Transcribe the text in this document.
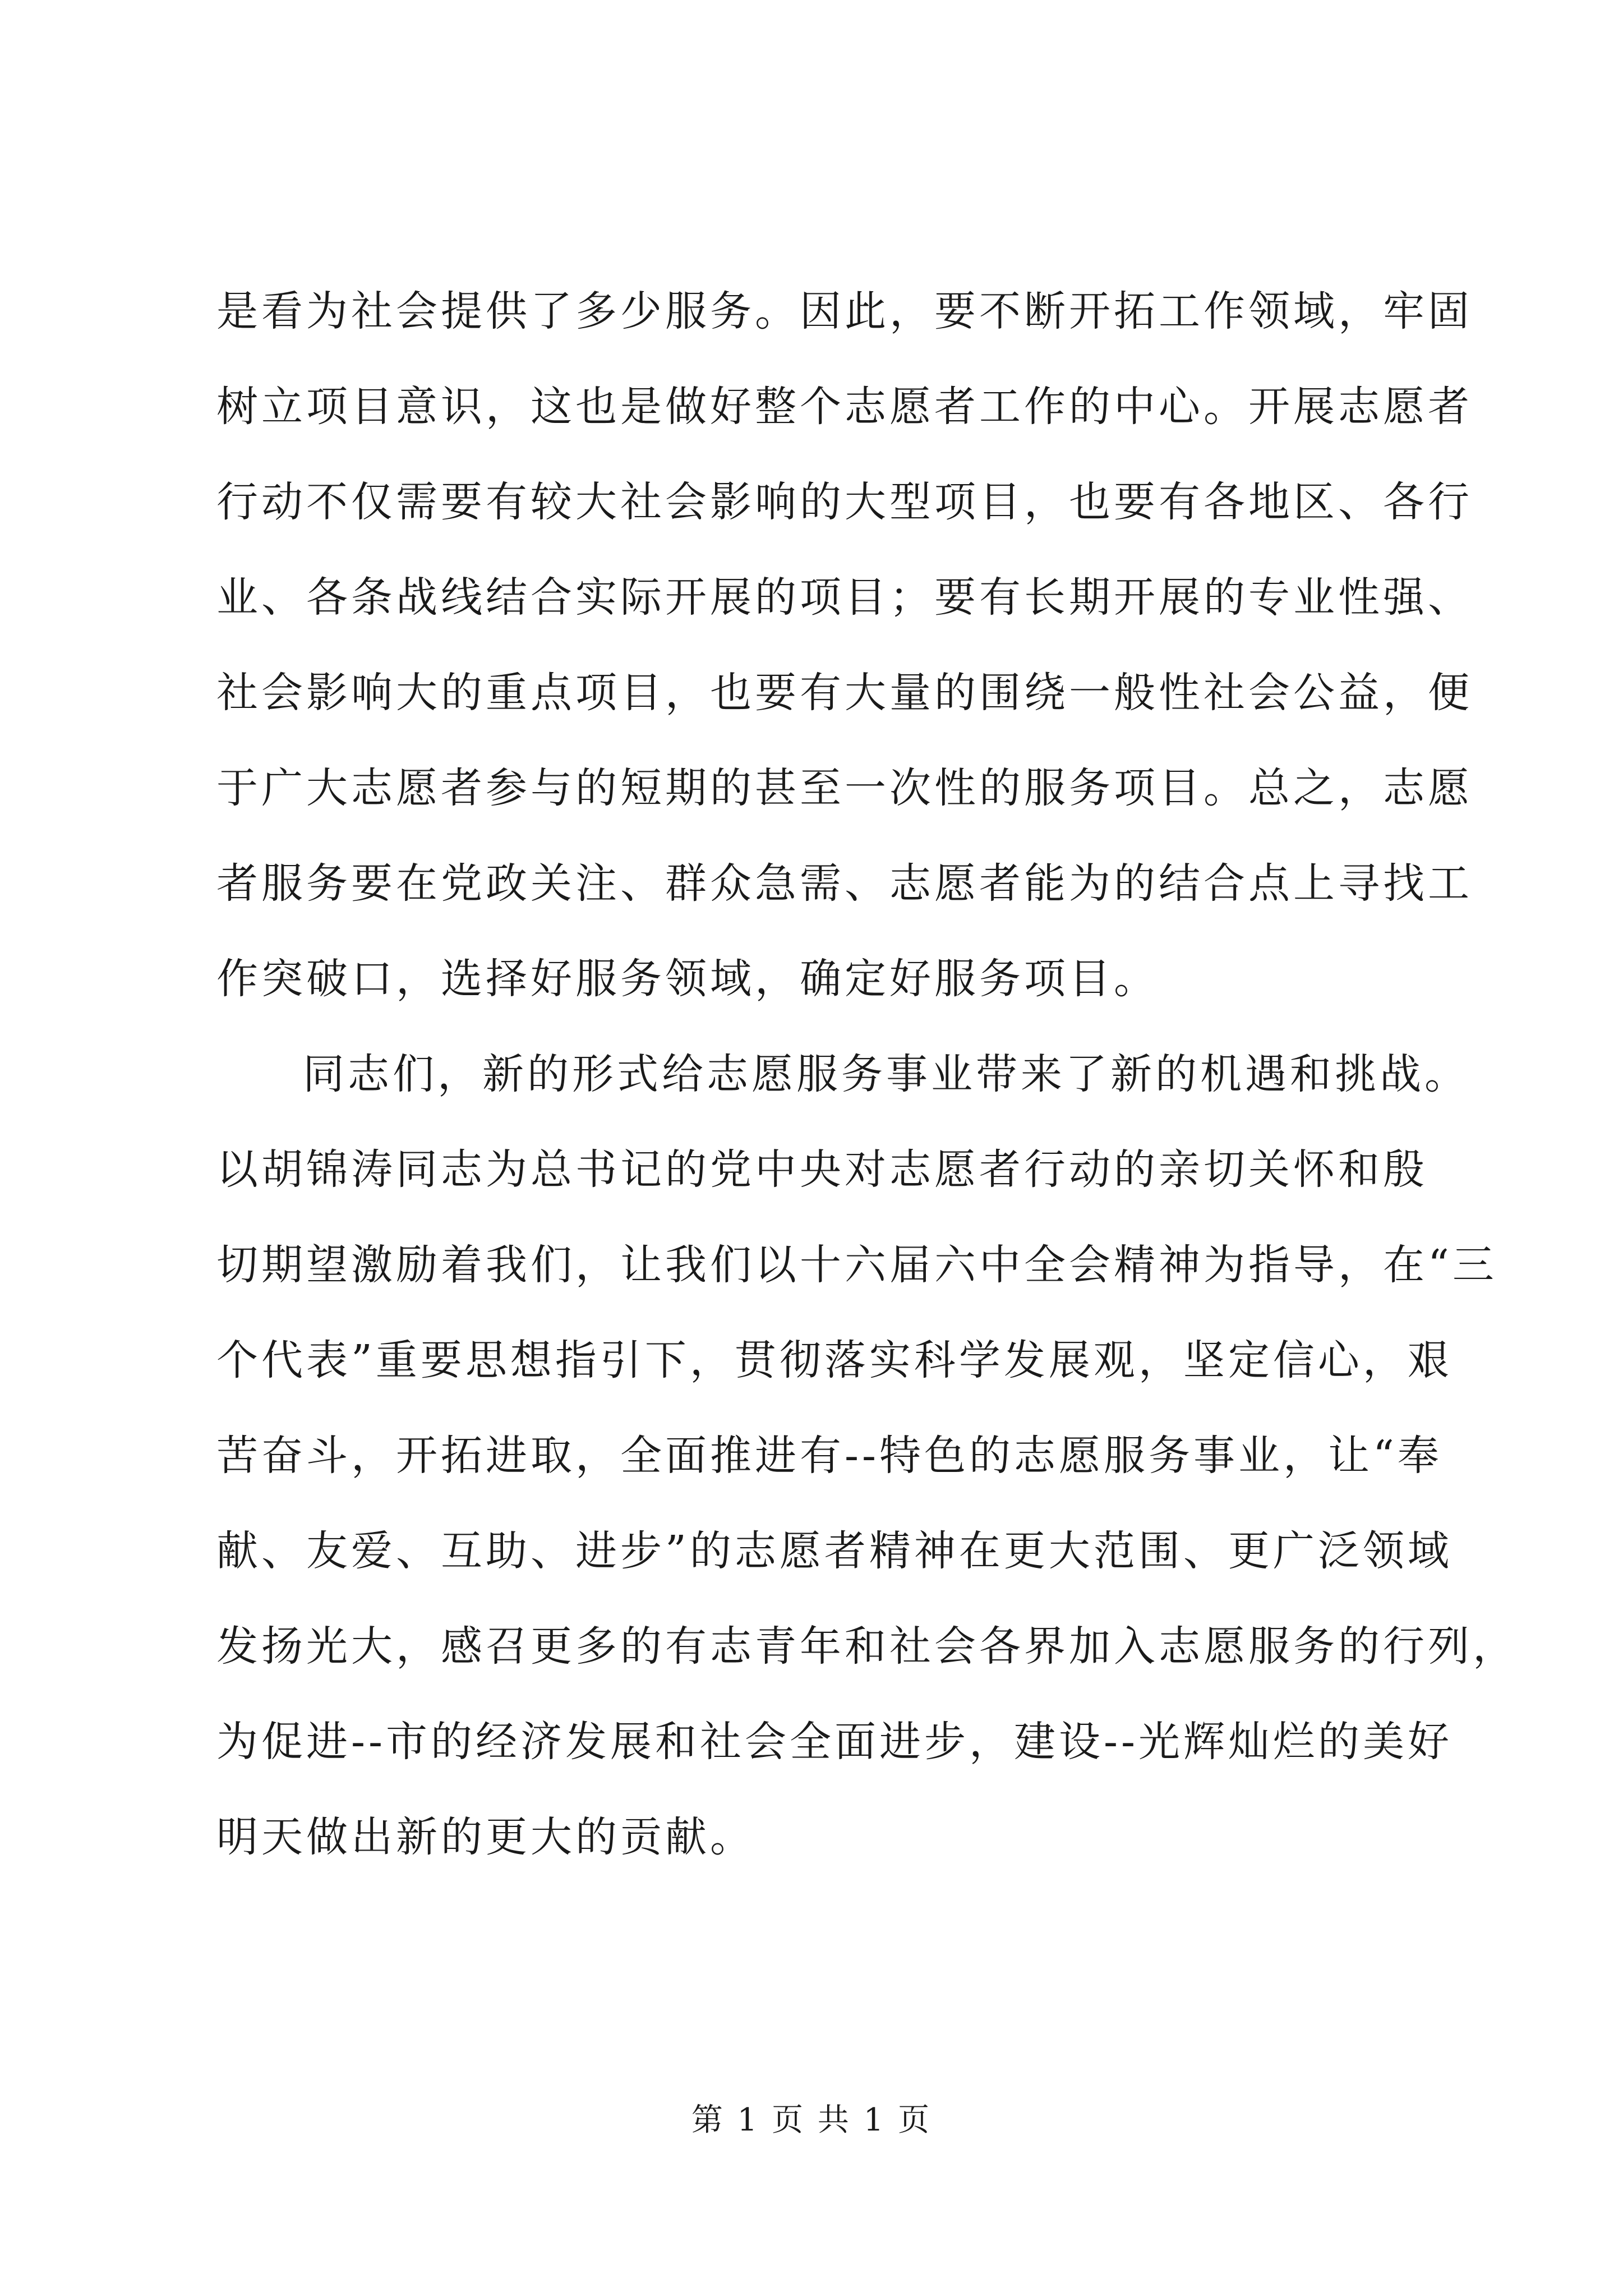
是看为社会提供了多少服务。因此，要不断开拓工作领域，牢固
树立项目意识，这也是做好整个志愿者工作的中心。开展志愿者
行动不仅需要有较大社会影响的大型项目，也要有各地区、各行
业、各条战线结合实际开展的项目；要有长期开展的专业性强、
社会影响大的重点项目，也要有大量的围绕一般性社会公益，便
于广大志愿者参与的短期的甚至一次性的服务项目。总之，志愿
者服务要在党政关注、群众急需、志愿者能为的结合点上寻找工
作突破口，选择好服务领域，确定好服务项目。
同志们，新的形式给志愿服务事业带来了新的机遇和挑战。
以胡锦涛同志为总书记的党中央对志愿者行动的亲切关怀和殷
切期望激励着我们，让我们以十六届六中全会精神为指导，在“三
个代表”重要思想指引下，贯彻落实科学发展观，坚定信心，艰
苦奋斗，开拓进取，全面推进有--特色的志愿服务事业，让“奉
献、友爱、互助、进步”的志愿者精神在更大范围、更广泛领域
发扬光大，感召更多的有志青年和社会各界加入志愿服务的行列，
为促进--市的经济发展和社会全面进步，建设--光辉灿烂的美好
明天做出新的更大的贡献。
第 1 页 共 1 页
